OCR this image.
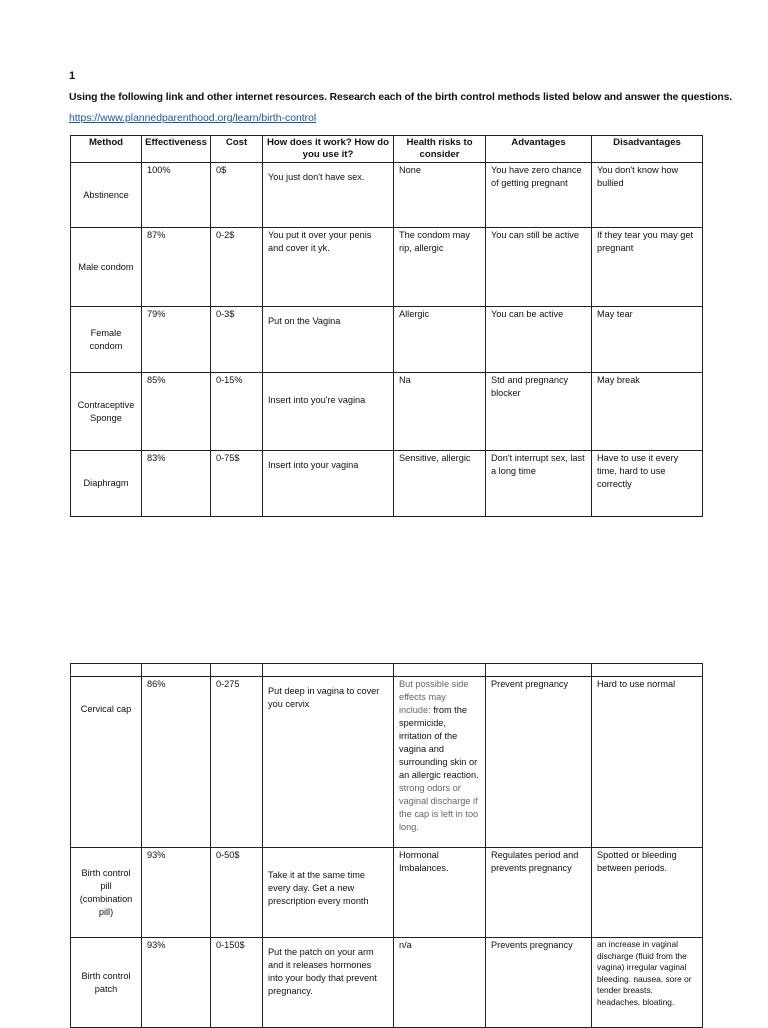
1
Using the following link and other internet resources. Research each of the birth control methods listed below and answer the questions.
https://www.plannedparenthood.org/learn/birth-control
Method	Effectiveness	Cost	How does it work? How do you use it?	Health risks to consider	Advantages	Disadvantages
Abstinence	100%	0$	You just don't have sex.	None	You have zero chance of getting pregnant	You don't know how bullied
Male condom	87%	0-2$	You put it over your penis and cover it yk.	The condom may rip, allergic	You can still be active	If they tear you may get pregnant
Female condom	79%	0-3$	Put on the Vagina	Allergic	You can be active	May tear
Contraceptive Sponge	85%	0-15%	Insert into you're vagina	Na	Std and pregnancy blocker	May break
Diaphragm	83%	0-75$	Insert into your vagina	Sensitive, allergic	Don't interrupt sex, last a long time	Have to use it every time, hard to use correctly

Cervical cap	86%	0-275	Put deep in vagina to cover you cervix	But possible side effects may include: from the spermicide, irritation of the vagina and surrounding skin or an allergic reaction. strong odors or vaginal discharge if the cap is left in too long.	Prevent pregnancy	Hard to use normal
Birth control pill (combination pill)	93%	0-50$	Take it at the same time every day. Get a new prescription every month	Hormonal Imbalances.	Regulates period and prevents pregnancy	Spotted or bleeding between periods.
Birth control patch	93%	0-150$	Put the patch on your arm and it releases hormones into your body that prevent pregnancy.	n/a	Prevents pregnancy	an increase in vaginal discharge (fluid from the vagina) irregular vaginal bleeding. nausea. sore or tender breasts. headaches. bloating.
